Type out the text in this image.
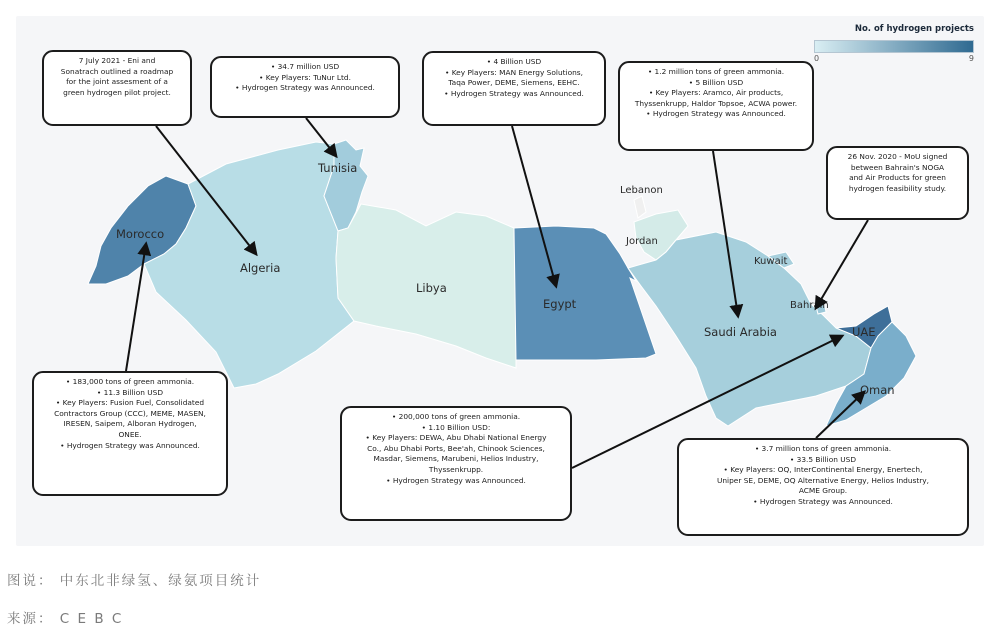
Morocco
Algeria
Tunisia
Libya
Egypt
Saudi Arabia	UAE
Oman
Jordan
Kuwait
Bahrain
Lebanon
No. of hydrogen projects
0	9
7 July 2021 - Eni and
Sonatrach outlined a roadmap
for the joint assesment of a
green hydrogen pilot project.
• 34.7 million USD
• Key Players: TuNur Ltd.
• Hydrogen Strategy was Announced.
• 4 Billion USD
• Key Players: MAN Energy Solutions,
Taqa Power, DEME, Siemens, EEHC.
• Hydrogen Strategy was Announced.
• 1.2 million tons of green ammonia.
• 5 Billion USD
• Key Players: Aramco, Air products,
Thyssenkrupp, Haldor Topsoe, ACWA power.
• Hydrogen Strategy was Announced.
26 Nov. 2020 - MoU signed
between Bahrain's NOGA
and Air Products for green
hydrogen feasibility study.
• 183,000 tons of green ammonia.
• 11.3 Billion USD
• Key Players: Fusion Fuel, Consolidated
Contractors Group (CCC), MEME, MASEN,
IRESEN, Saipem, Alboran Hydrogen,
ONEE.
• Hydrogen Strategy was Announced.
• 200,000 tons of green ammonia.
• 1.10 Billion USD:
• Key Players: DEWA, Abu Dhabi National Energy
Co., Abu Dhabi Ports, Bee'ah, Chinook Sciences,
Masdar, Siemens, Marubeni, Helios Industry,
Thyssenkrupp.
• Hydrogen Strategy was Announced.
• 3.7 million tons of green ammonia.
• 33.5 Billion USD
• Key Players: OQ, InterContinental Energy, Enertech,
Uniper SE, DEME, OQ Alternative Energy, Helios Industry,
ACME Group.
• Hydrogen Strategy was Announced.
图说： 中东北非绿氢、绿氨项目统计
来源： C E B C
